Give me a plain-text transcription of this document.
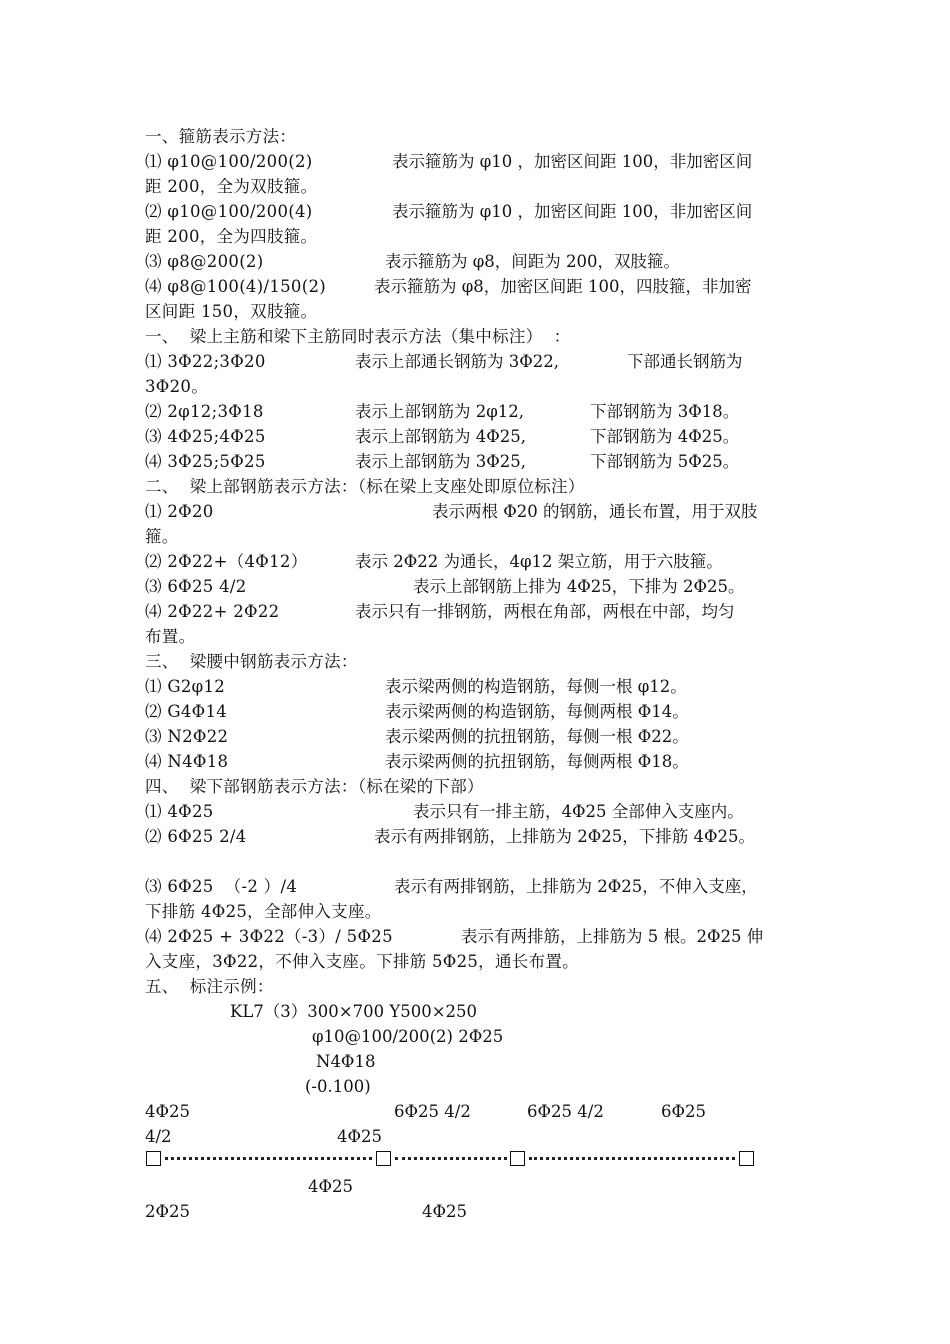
一、箍筋表示方法：
⑴ φ10@100/200(2)	表示箍筋为 φ10 ，加密区间距 100，非加密区间
距 200，全为双肢箍。
⑵ φ10@100/200(4)	表示箍筋为 φ10 ，加密区间距 100，非加密区间
距 200，全为四肢箍。
⑶ φ8@200(2)	表示箍筋为 φ8，间距为 200，双肢箍。
⑷ φ8@100(4)/150(2)	表示箍筋为 φ8，加密区间距 100，四肢箍，非加密
区间距 150，双肢箍。
一、  梁上主筋和梁下主筋同时表示方法（集中标注）  ：
⑴ 3Φ22;3Φ20	表示上部通长钢筋为 3Φ22,	下部通长钢筋为
3Φ20。
⑵ 2φ12;3Φ18	表示上部钢筋为 2φ12,	下部钢筋为 3Φ18。
⑶ 4Φ25;4Φ25	表示上部钢筋为 4Φ25,	下部钢筋为 4Φ25。
⑷ 3Φ25;5Φ25	表示上部钢筋为 3Φ25,	下部钢筋为 5Φ25。
二、  梁上部钢筋表示方法：（标在梁上支座处即原位标注）
⑴ 2Φ20	表示两根 Φ20 的钢筋，通长布置，用于双肢
箍。
⑵ 2Φ22+（4Φ12）	表示 2Φ22 为通长，4φ12 架立筋，用于六肢箍。
⑶ 6Φ25 4/2	表示上部钢筋上排为 4Φ25，下排为 2Φ25。
⑷ 2Φ22+ 2Φ22	表示只有一排钢筋，两根在角部，两根在中部，均匀
布置。
三、  梁腰中钢筋表示方法：
⑴ G2φ12	表示梁两侧的构造钢筋，每侧一根 φ12。
⑵ G4Φ14	表示梁两侧的构造钢筋，每侧两根 Φ14。
⑶ N2Φ22	表示梁两侧的抗扭钢筋，每侧一根 Φ22。
⑷ N4Φ18	表示梁两侧的抗扭钢筋，每侧两根 Φ18。
四、  梁下部钢筋表示方法：（标在梁的下部）
⑴ 4Φ25	表示只有一排主筋，4Φ25 全部伸入支座内。
⑵ 6Φ25 2/4	表示有两排钢筋，上排筋为 2Φ25，下排筋 4Φ25。
⑶ 6Φ25  （-2 ）/4	表示有两排钢筋，上排筋为 2Φ25，不伸入支座，
下排筋 4Φ25，全部伸入支座。
⑷ 2Φ25 + 3Φ22（-3）/ 5Φ25	表示有两排筋，上排筋为 5 根。2Φ25 伸
入支座，3Φ22，不伸入支座。下排筋 5Φ25，通长布置。
五、  标注示例：
KL7（3）300×700 Y500×250
φ10@100/200(2) 2Φ25
N4Φ18
(-0.100)
4Φ25	6Φ25 4/2	6Φ25 4/2	6Φ25
4/2	4Φ25
4Φ25
2Φ25	4Φ25
